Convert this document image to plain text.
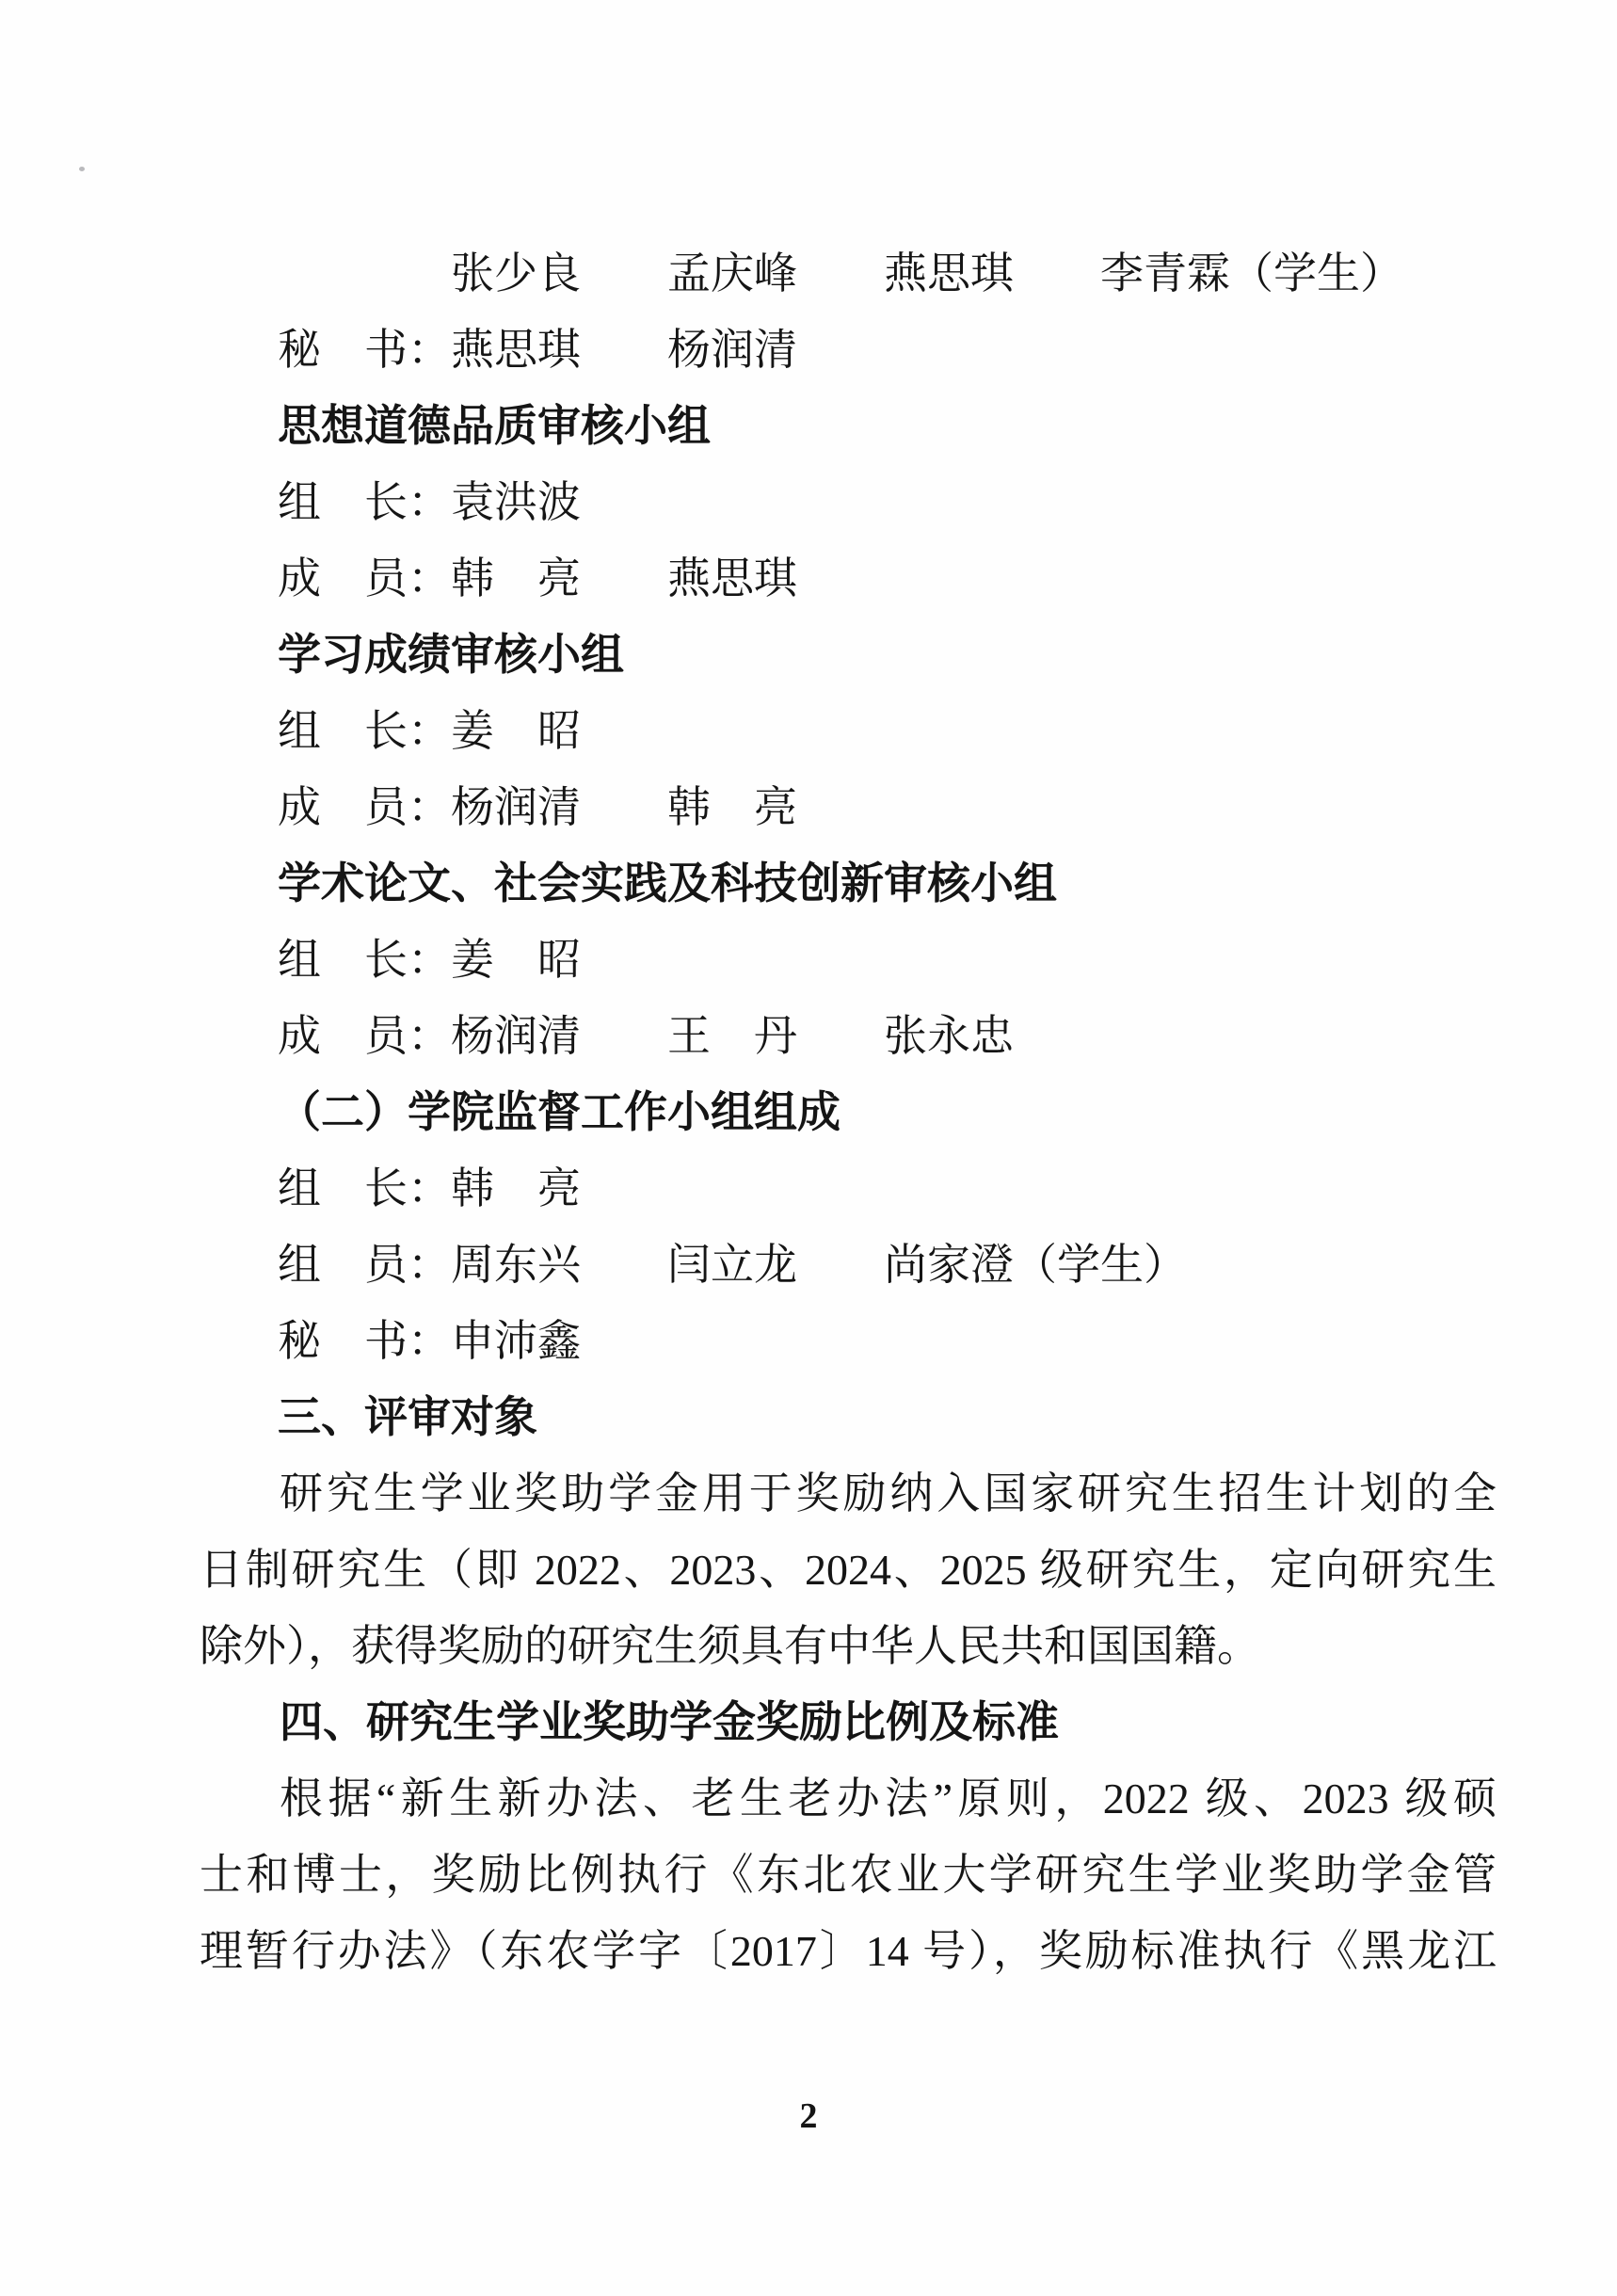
张少良　　孟庆峰　　燕思琪　　李青霖（学生）
秘　书：燕思琪　　杨润清
思想道德品质审核小组
组　长：袁洪波
成　员：韩　亮　　燕思琪
学习成绩审核小组
组　长：姜　昭
成　员：杨润清　　韩　亮
学术论文、社会实践及科技创新审核小组
组　长：姜　昭
成　员：杨润清　　王　丹　　张永忠
（二）学院监督工作小组组成
组　长：韩　亮
组　员：周东兴　　闫立龙　　尚家澄（学生）
秘　书：申沛鑫
三、评审对象
研究生学业奖助学金用于奖励纳入国家研究生招生计划的全
日制研究生（即 2022、2023、2024、2025 级研究生，定向研究生
除外），获得奖励的研究生须具有中华人民共和国国籍。
四、研究生学业奖助学金奖励比例及标准
根据“新生新办法、老生老办法”原则，2022 级、2023 级硕
士和博士，奖励比例执行《东北农业大学研究生学业奖助学金管
理暂行办法》（东农学字〔2017〕14 号），奖励标准执行《黑龙江
2
